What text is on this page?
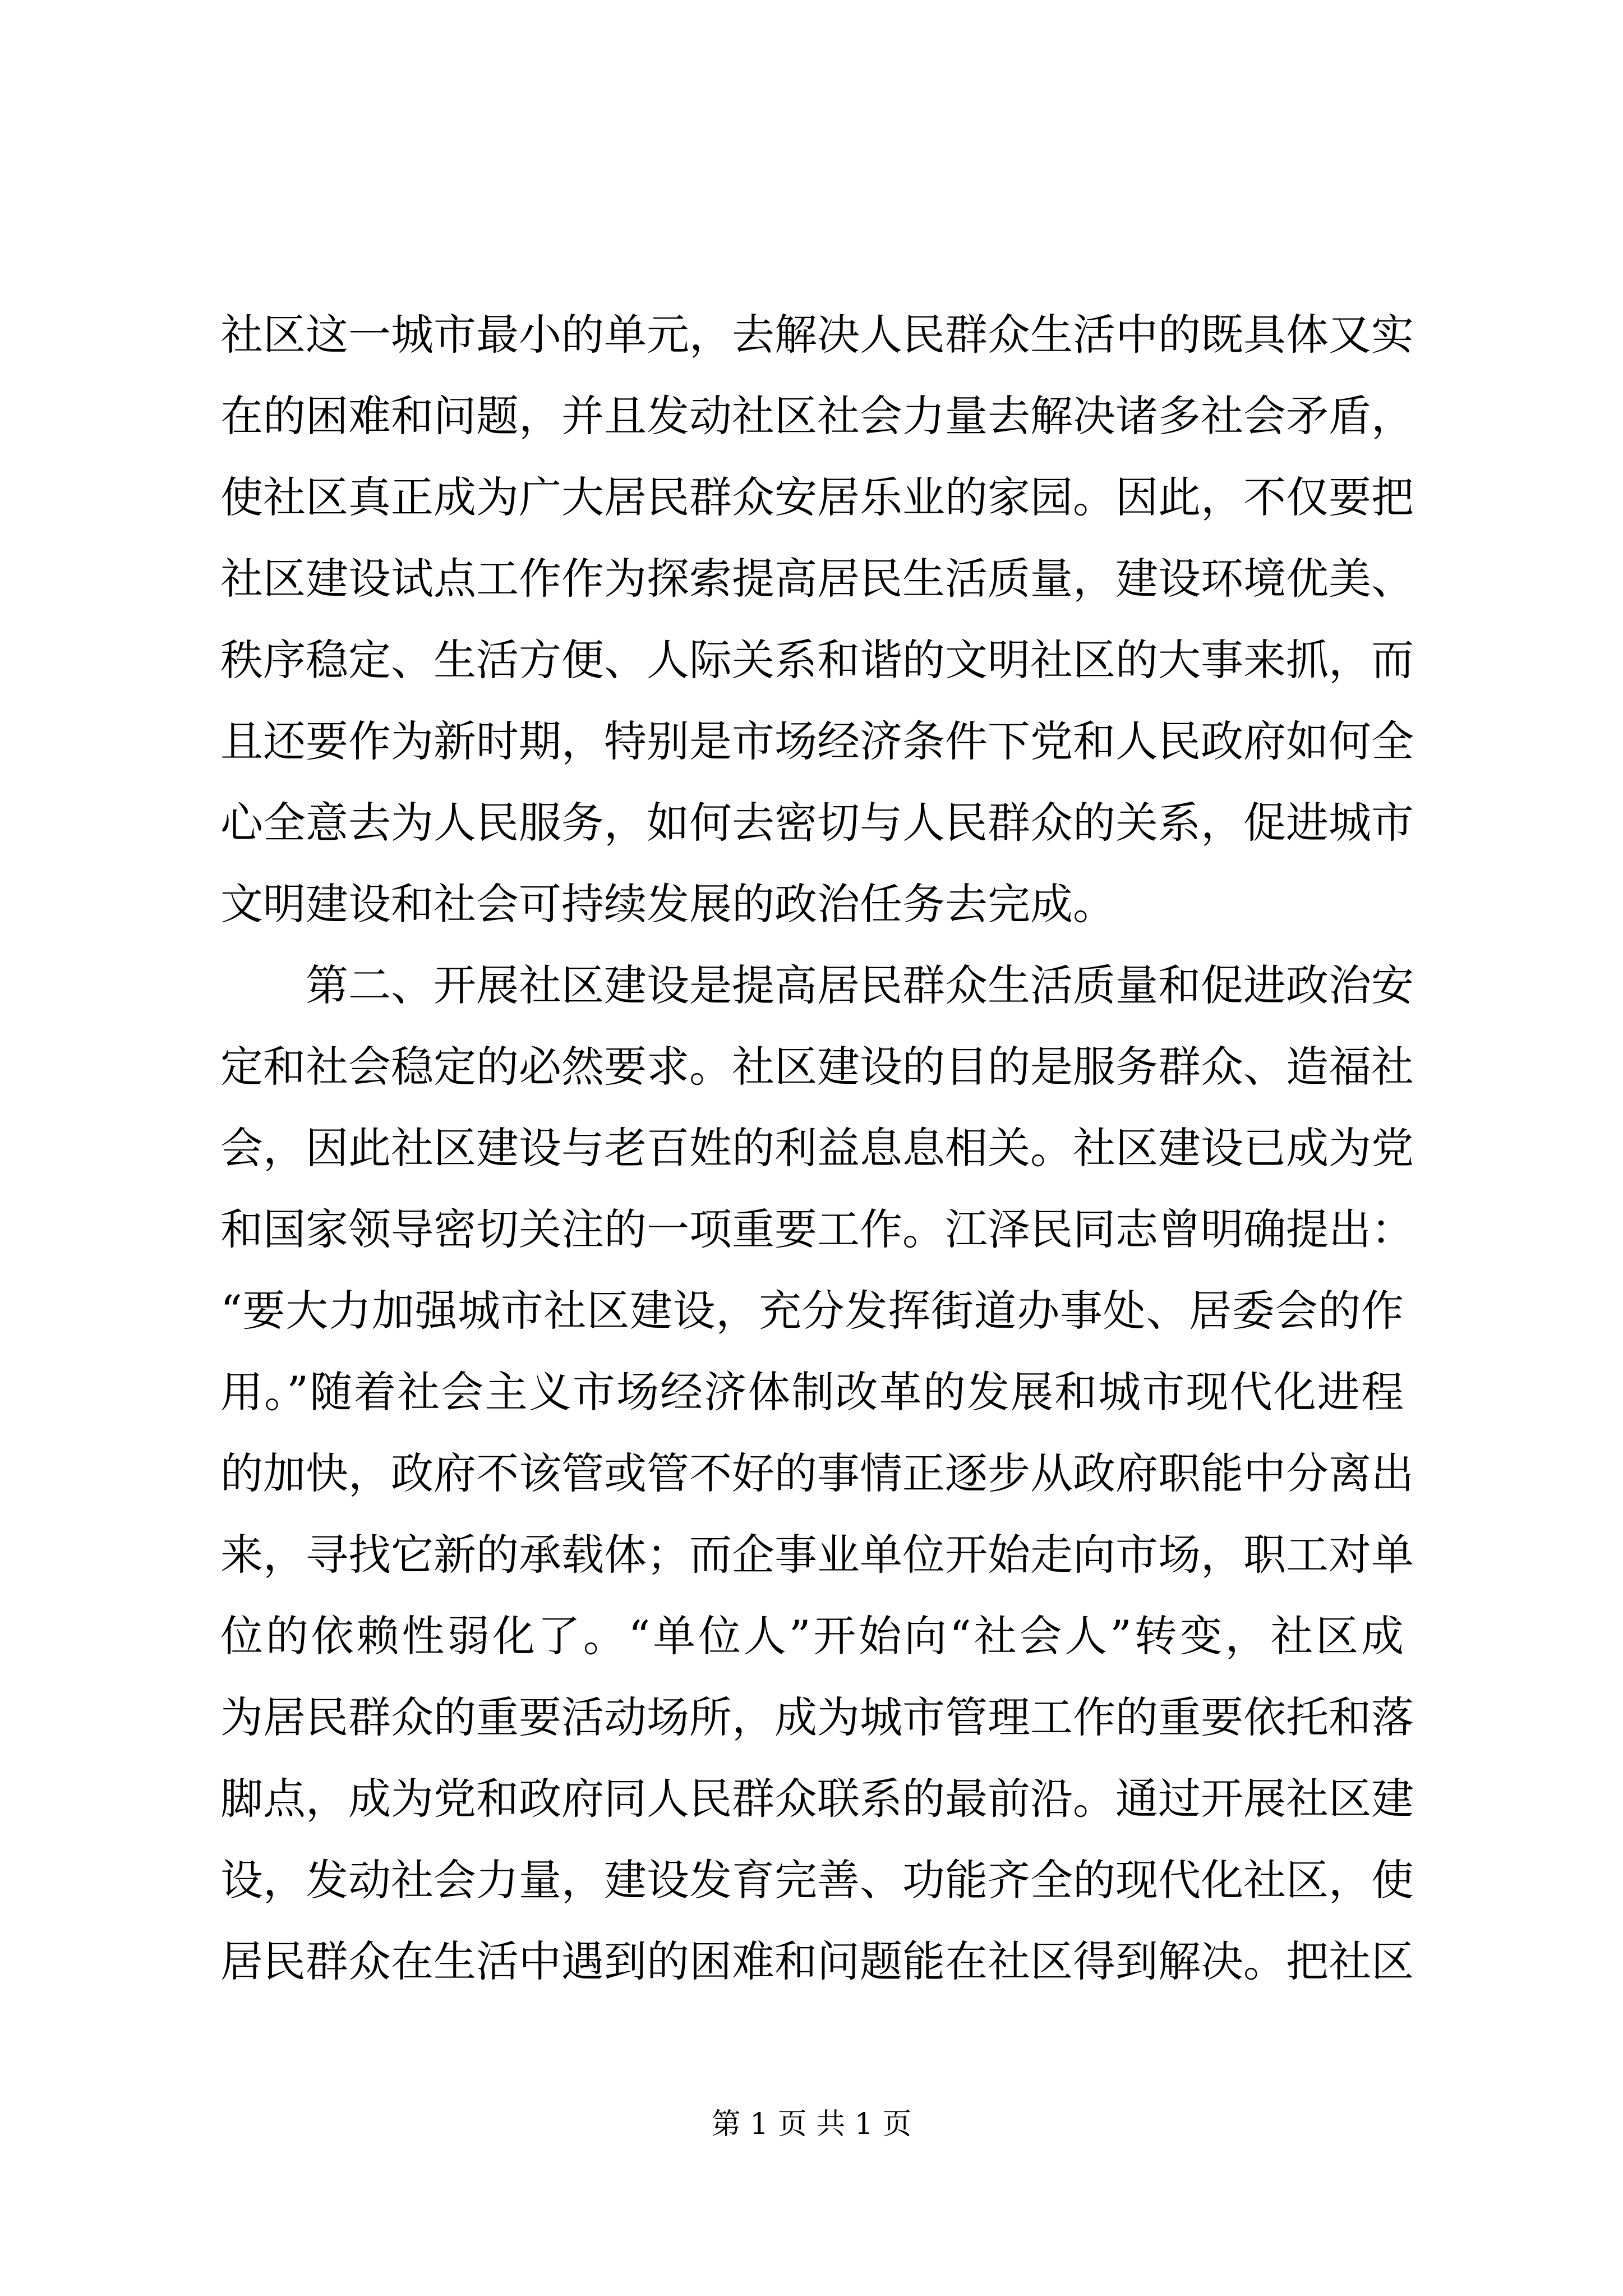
社区这一城市最小的单元，去解决人民群众生活中的既具体又实
在的困难和问题，并且发动社区社会力量去解决诸多社会矛盾，
使社区真正成为广大居民群众安居乐业的家园。因此，不仅要把
社区建设试点工作作为探索提高居民生活质量，建设环境优美、
秩序稳定、生活方便、人际关系和谐的文明社区的大事来抓，而
且还要作为新时期，特别是市场经济条件下党和人民政府如何全
心全意去为人民服务，如何去密切与人民群众的关系，促进城市
文明建设和社会可持续发展的政治任务去完成。
　　第二、开展社区建设是提高居民群众生活质量和促进政治安
定和社会稳定的必然要求。社区建设的目的是服务群众、造福社
会，因此社区建设与老百姓的利益息息相关。社区建设已成为党
和国家领导密切关注的一项重要工作。江泽民同志曾明确提出：
“要大力加强城市社区建设，充分发挥街道办事处、居委会的作
用。”随着社会主义市场经济体制改革的发展和城市现代化进程
的加快，政府不该管或管不好的事情正逐步从政府职能中分离出
来，寻找它新的承载体；而企事业单位开始走向市场，职工对单
位的依赖性弱化了。“单位人”开始向“社会人”转变，社区成
为居民群众的重要活动场所，成为城市管理工作的重要依托和落
脚点，成为党和政府同人民群众联系的最前沿。通过开展社区建
设，发动社会力量，建设发育完善、功能齐全的现代化社区，使
居民群众在生活中遇到的困难和问题能在社区得到解决。把社区
第 1 页 共 1 页
